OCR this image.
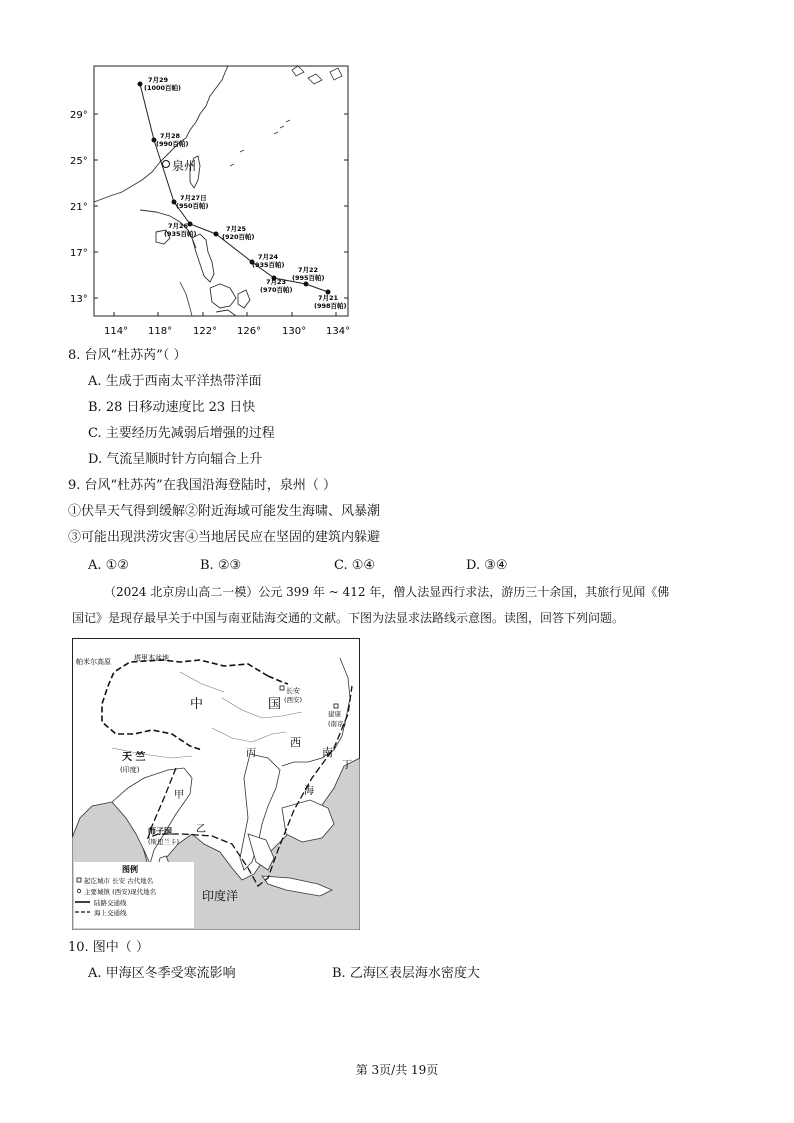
29°
25°
21°
17°
13°
114° 118° 122° 126° 130° 134°
泉州
7月29
(1000百帕)
7月28
(990百帕)
7月27日
(950百帕)
7月26
(935百帕)
7月25
(920百帕)
7月24
(935百帕)
7月23
(970百帕)
7月22
(995百帕)
7月21
(998百帕)
8. 台风“杜苏芮”（ ）
A. 生成于西南太平洋热带洋面
B. 28 日移动速度比 23 日快
C. 主要经历先减弱后增强的过程
D. 气流呈顺时针方向辐合上升
9. 台风“杜苏芮”在我国沿海登陆时，泉州（ ）
①伏旱天气得到缓解②附近海域可能发生海啸、风暴潮
③可能出现洪涝灾害④当地居民应在坚固的建筑内躲避
A. ①②	B. ②③	C. ①④	D. ③④
（2024 北京房山高二一模）公元 399 年 ~ 412 年，僧人法显西行求法，游历三十余国，其旅行见闻《佛
国记》是现存最早关于中国与南亚陆海交通的文献。下图为法显求法路线示意图。读图，回答下列问题。
帕米尔高原	塔里木盆地
中	国
长安
(西安)
建康
(南京)
天 竺
(印度)
甲
乙
丙
丁
师子国
(斯里兰卡)
西
南
海
印度洋
图例
起讫城市 长安 古代地名
主要城镇 (西安)现代地名
陆路交通线
海上交通线
10. 图中（ ）
A. 甲海区冬季受寒流影响	B. 乙海区表层海水密度大
第 3页/共 19页
